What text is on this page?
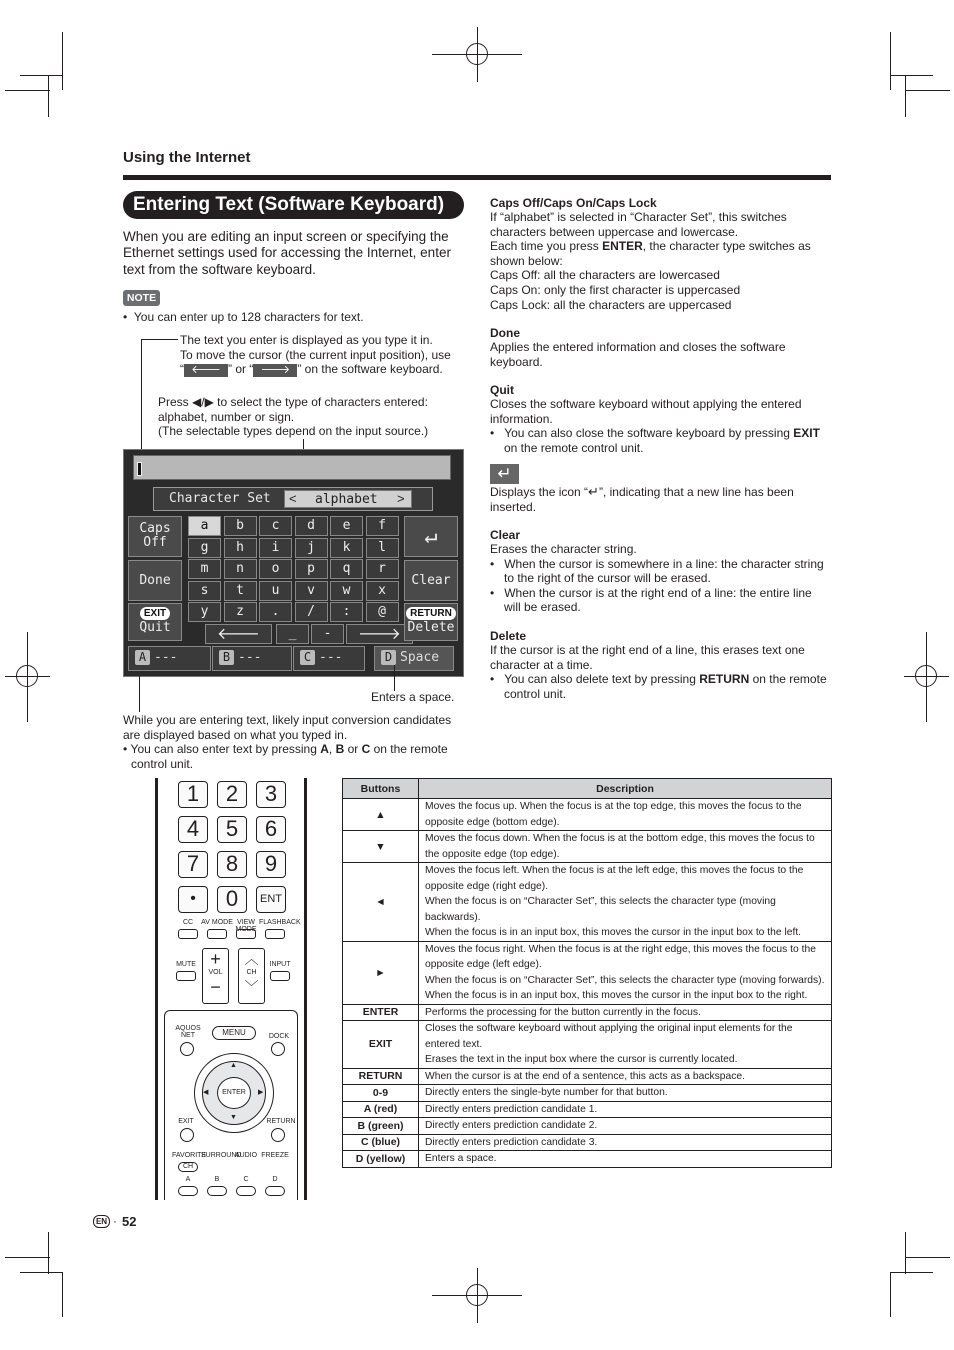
Using the Internet
Entering Text (Software Keyboard)
When you are editing an input screen or specifying the Ethernet settings used for accessing the Internet, enter text from the software keyboard.
NOTE
•  You can enter up to 128 characters for text.
The text you enter is displayed as you type it in.
To move the cursor (the current input position), use
“ 🡐 ” or “ 🡒 ” on the software keyboard.
Press ◀/▶ to select the type of characters entered:
alphabet, number or sign.
(The selectable types depend on the input source.)
Character Set < alphabet >
Caps
Off
Done
EXIT
Quit
a	b	c	d	e	f
g	h	i	j	k	l
m	n	o	p	q	r
s	t	u	v	w	x
y	z	.	/	:	@
🡐	_	-	🡒
↵
Clear
RETURN
Delete
A ---	B ---	C ---	D Space
Enters a space.
While you are entering text, likely input conversion candidates are displayed based on what you typed in.
• You can also enter text by pressing A, B or C on the remote control unit.
Caps Off/Caps On/Caps Lock
If “alphabet” is selected in “Character Set”, this switches characters between uppercase and lowercase.
Each time you press ENTER, the character type switches as shown below:
Caps Off: all the characters are lowercased
Caps On: only the first character is uppercased
Caps Lock: all the characters are uppercased
Done
Applies the entered information and closes the software keyboard.
Quit
Closes the software keyboard without applying the entered information.
•   You can also close the software keyboard by pressing EXIT on the remote control unit.
↵
Displays the icon “↵”, indicating that a new line has been inserted.
Clear
Erases the character string.
•   When the cursor is somewhere in a line: the character string to the right of the cursor will be erased.
•   When the cursor is at the right end of a line: the entire line will be erased.
Delete
If the cursor is at the right end of a line, this erases text one character at a time.
•   You can also delete text by pressing RETURN on the remote control unit.
1	2	3
4	5	6
7	8	9
•	0	ENT
CC	AV MODE VIEW MODE
FLASHBACK
MUTE +
VOL
−
︿
CH
﹀
INPUT
AQUOS
NET	MENU	DOCK
▲
▼
◀	▶
ENTER
EXIT	RETURN
FAVORITE
SURROUND
AUDIO FREEZE
CH
A	B	C	D
Buttons	Description
▲	Moves the focus up. When the focus is at the top edge, this moves the focus to the opposite edge (bottom edge).

▼	Moves the focus down. When the focus is at the bottom edge, this moves the focus to the opposite edge (top edge).

◄	Moves the focus left. When the focus is at the left edge, this moves the focus to the opposite edge (right edge).
When the focus is on “Character Set”, this selects the character type (moving backwards).
When the focus is in an input box, this moves the cursor in the input box to the left.

►	Moves the focus right. When the focus is at the right edge, this moves the focus to the opposite edge (left edge).
When the focus is on “Character Set”, this selects the character type (moving forwards).
When the focus is in an input box, this moves the cursor in the input box to the right.

ENTER	Performs the processing for the button currently in the focus.

EXIT	Closes the software keyboard without applying the original input elements for the entered text.
Erases the text in the input box where the cursor is currently located.

RETURN	When the cursor is at the end of a sentence, this acts as a backspace.

0-9	Directly enters the single-byte number for that button.

A (red)	Directly enters prediction candidate 1.

B (green)	Directly enters prediction candidate 2.

C (blue)	Directly enters prediction candidate 3.

D (yellow)	Enters a space.
EN · 52
